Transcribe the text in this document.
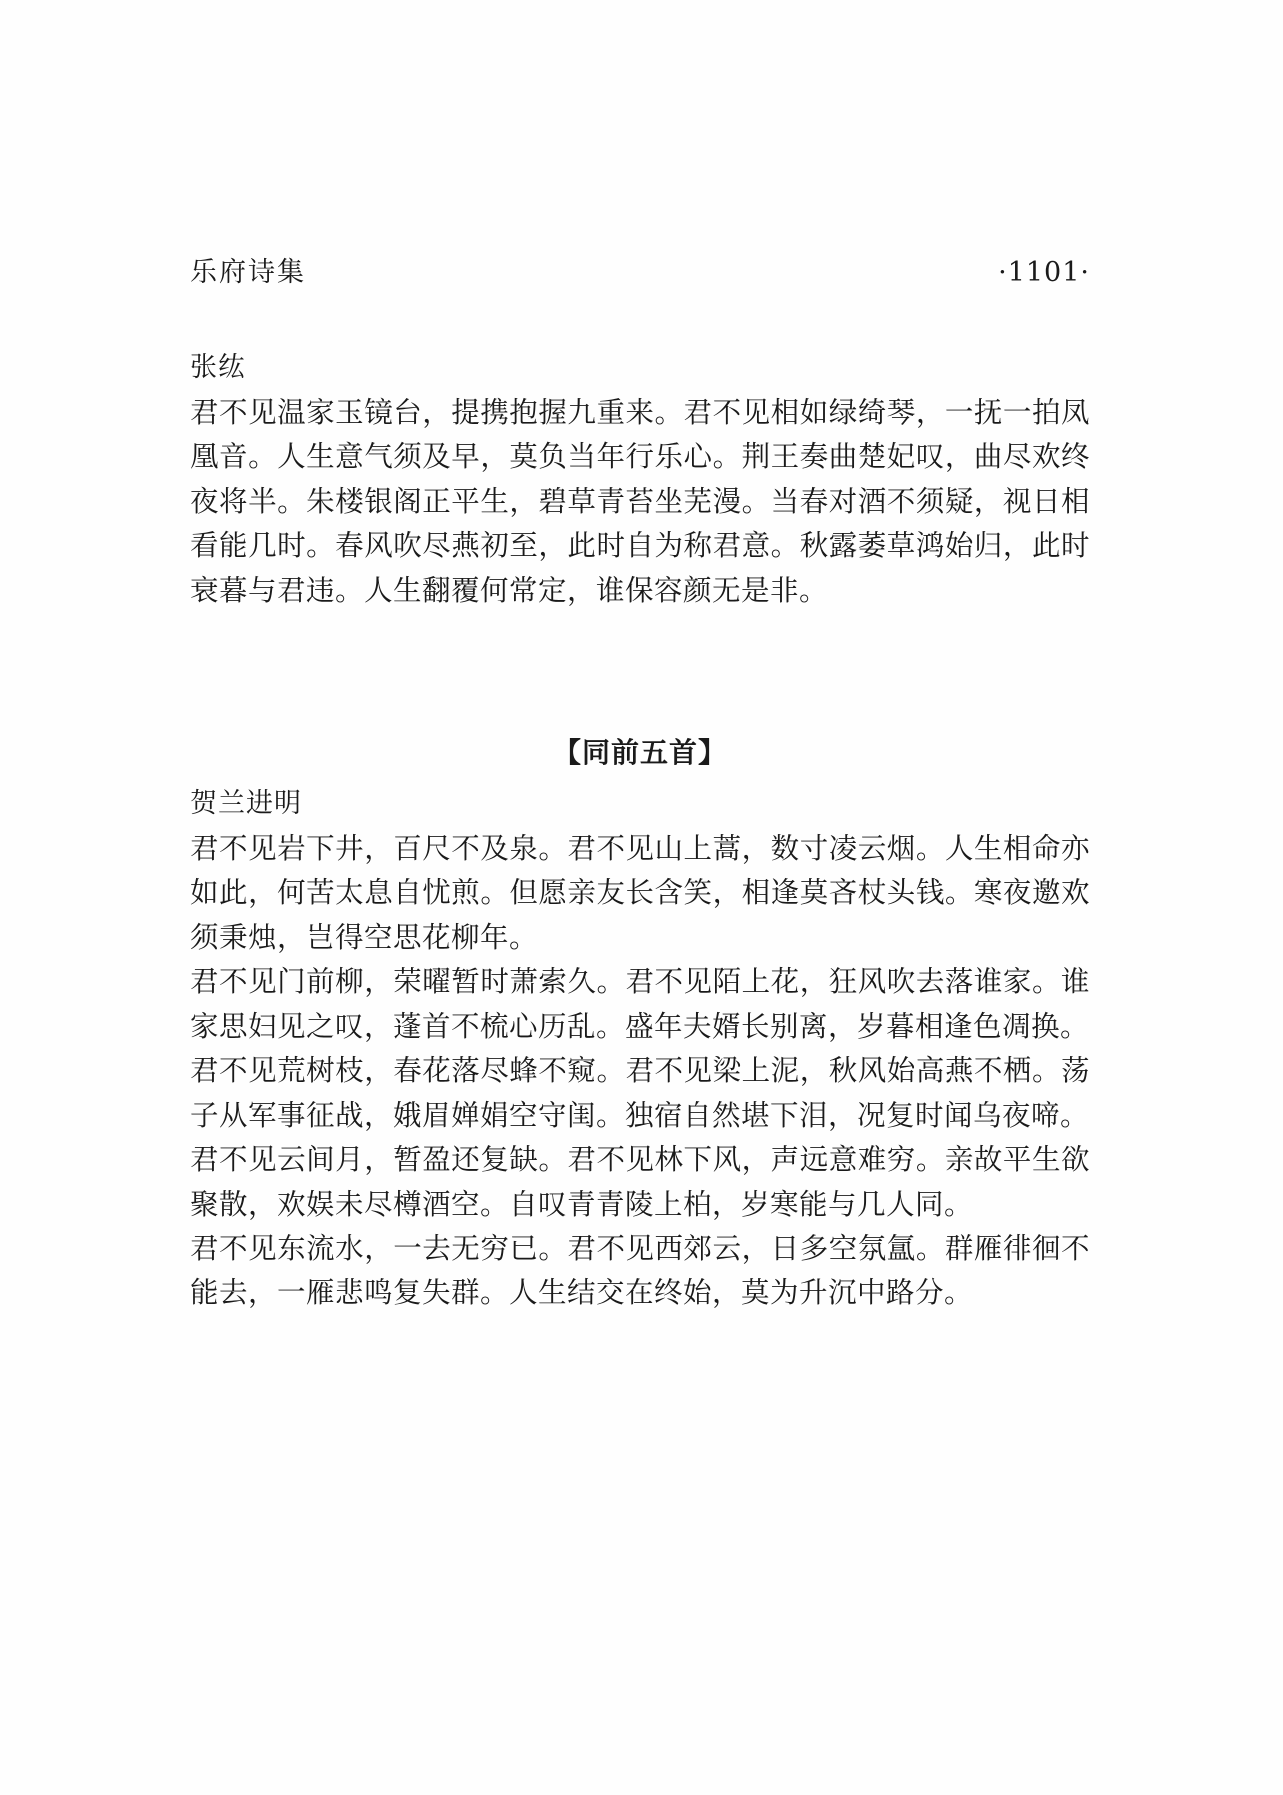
乐府诗集	·1101·
张纮

君不见温家玉镜台，提携抱握九重来。君不见相如绿绮琴，一抚一拍凤凰音。人生意气须及早，莫负当年行乐心。荆王奏曲楚妃叹，曲尽欢终夜将半。朱楼银阁正平生，碧草青苔坐芜漫。当春对酒不须疑，视日相看能几时。春风吹尽燕初至，此时自为称君意。秋露萎草鸿始归，此时衰暮与君违。人生翻覆何常定，谁保容颜无是非。

【同前五首】
贺兰进明

君不见岩下井，百尺不及泉。君不见山上蒿，数寸凌云烟。人生相命亦如此，何苦太息自忧煎。但愿亲友长含笑，相逢莫吝杖头钱。寒夜邀欢须秉烛，岂得空思花柳年。

君不见门前柳，荣曜暂时萧索久。君不见陌上花，狂风吹去落谁家。谁家思妇见之叹，蓬首不梳心历乱。盛年夫婿长别离，岁暮相逢色凋换。

君不见荒树枝，春花落尽蜂不窥。君不见梁上泥，秋风始高燕不栖。荡子从军事征战，娥眉婵娟空守闺。独宿自然堪下泪，况复时闻乌夜啼。

君不见云间月，暂盈还复缺。君不见林下风，声远意难穷。亲故平生欲聚散，欢娱未尽樽酒空。自叹青青陵上柏，岁寒能与几人同。

君不见东流水，一去无穷已。君不见西郊云，日多空氛氲。群雁徘徊不能去，一雁悲鸣复失群。人生结交在终始，莫为升沉中路分。
